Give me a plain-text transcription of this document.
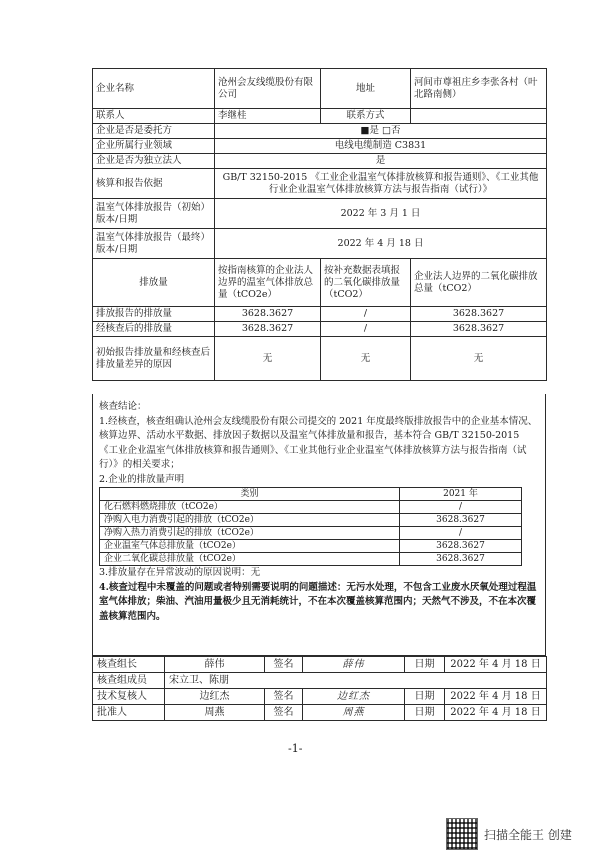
企业名称	沧州会友线缆股份有限公司	地址	河间市尊祖庄乡李张各村（叶北路南侧）
联系人	李继桂	联系方式	
企业是否是委托方	■是 □否		
企业所属行业领域	电线电缆制造 C3831		
企业是否为独立法人	是		
核算和报告依据	GB/T 32150-2015 《工业企业温室气体排放核算和报告通则》、《工业其他行业企业温室气体排放核算方法与报告指南（试行）》		
温室气体排放报告（初始）版本/日期	2022 年 3 月 1 日		
温室气体排放报告（最终）版本/日期	2022 年 4 月 18 日		
排放量	按指南核算的企业法人边界的温室气体排放总量（tCO2e）	按补充数据表填报的二氧化碳排放量（tCO2）	企业法人边界的二氧化碳排放总量（tCO2）
排放报告的排放量	3628.3627	/	3628.3627
经核查后的排放量	3628.3627	/	3628.3627
初始报告排放量和经核查后排放量差异的原因	无	无	无

核查结论：

1.经核查，核查组确认沧州会友线缆股份有限公司提交的 2021 年度最终版排放报告中的企业基本情况、核算边界、活动水平数据、排放因子数据以及温室气体排放量和报告，基本符合 GB/T 32150-2015 《工业企业温室气体排放核算和报告通则》、《工业其他行业企业温室气体排放核算方法与报告指南（试行）》的相关要求；

2.企业的排放量声明

类别	2021 年
化石燃料燃烧排放（tCO2e）	/
净购入电力消费引起的排放（tCO2e）	3628.3627
净购入热力消费引起的排放（tCO2e）	/
企业温室气体总排放量（tCO2e）	3628.3627
企业二氧化碳总排放量（tCO2e）	3628.3627

3.排放量存在异常波动的原因说明：无

4.核查过程中未覆盖的问题或者特别需要说明的问题描述：无污水处理，不包含工业废水厌氧处理过程温室气体排放；柴油、汽油用量极少且无消耗统计，不在本次覆盖核算范围内；天然气不涉及，不在本次覆盖核算范围内。

核查组长	薛伟	签名	薛伟	日期	2022 年 4 月 18 日
核查组成员	宋立卫、陈朋				
技术复核人	边红杰	签名	边红杰	日期	2022 年 4 月 18 日
批准人	周燕	签名	周燕	日期	2022 年 4 月 18 日
-1-
扫描全能王 创建
